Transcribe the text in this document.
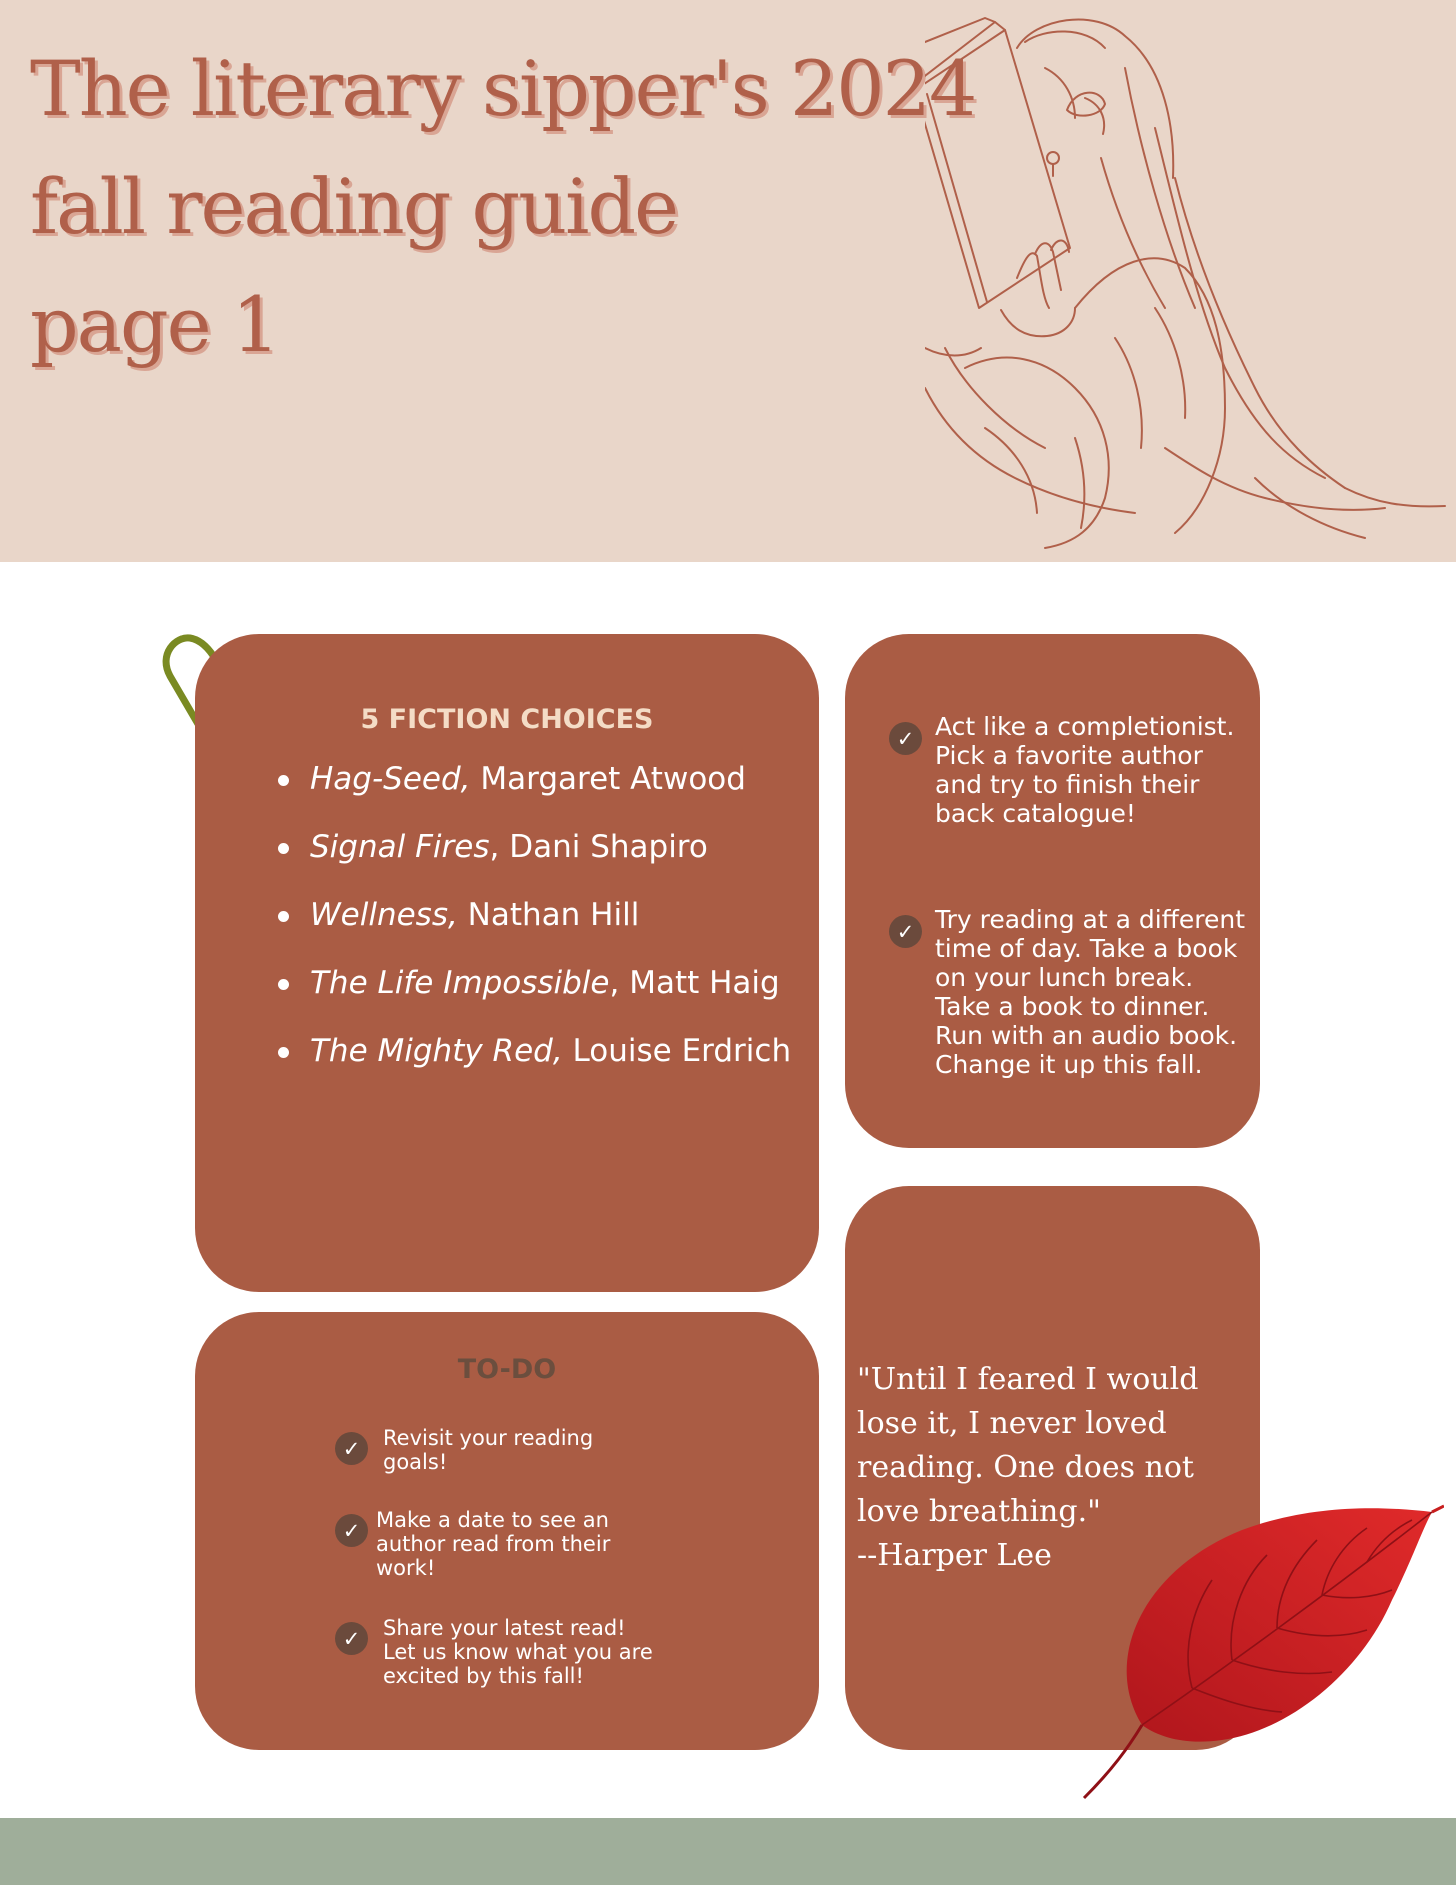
The literary sipper's 2024
fall reading guide
page 1
5 FICTION CHOICES
Hag-Seed, Margaret Atwood
Signal Fires, Dani Shapiro
Wellness, Nathan Hill
The Life Impossible, Matt Haig
The Mighty Red, Louise Erdrich
✓ Act like a completionist. Pick a favorite author and try to finish their back catalogue!

✓ Try reading at a different time of day. Take a book on your lunch break. Take a book to dinner. Run with an audio book. Change it up this fall.

TO-DO
✓	Revisit your reading goals!

✓ Make a date to see an author read from their work!

✓	Share your latest read! Let us know what you are excited by this fall!

"Until I feared I would lose it, I never loved reading. One does not love breathing."

--Harper Lee
